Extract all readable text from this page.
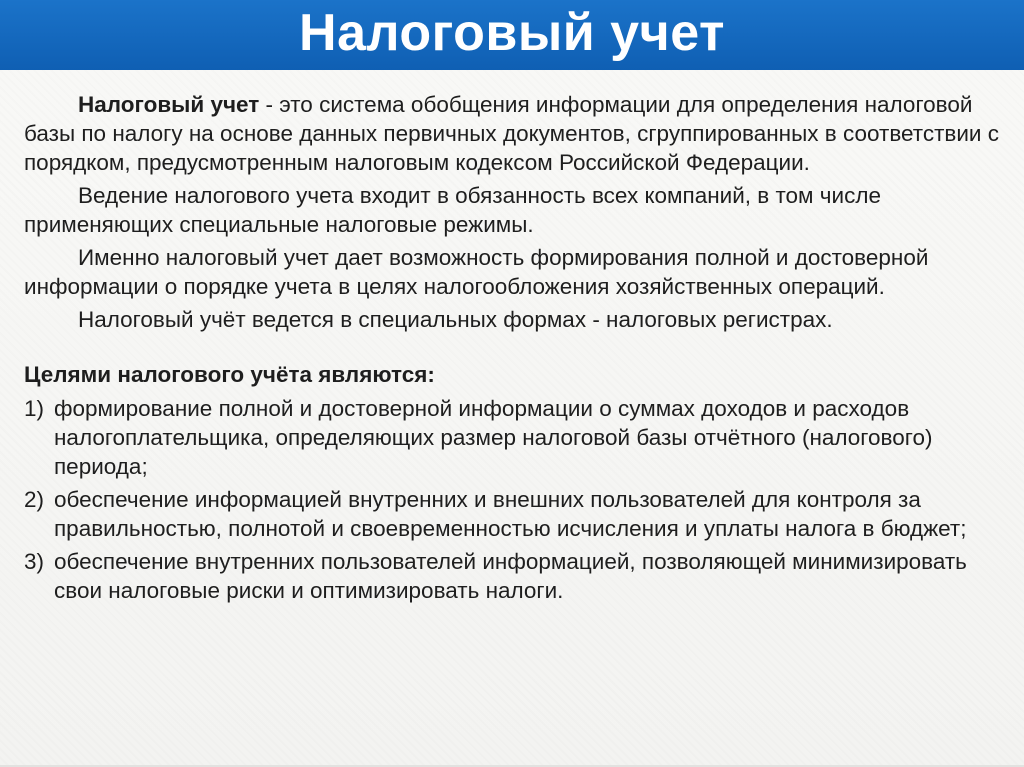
Налоговый учет

Налоговый учет - это система обобщения информации для определения налоговой базы по налогу на основе данных первичных документов, сгруппированных в соответствии с порядком, предусмотренным налоговым кодексом Российской Федерации.

Ведение налогового учета входит в обязанность всех компаний, в том числе применяющих специальные налоговые режимы.

Именно налоговый учет дает возможность формирования полной и достоверной информации о порядке учета в целях налогообложения хозяйственных операций.

Налоговый учёт ведется в специальных формах - налоговых регистрах.

Целями налогового учёта являются:
1) формирование полной и достоверной информации о суммах доходов и расходов налогоплательщика, определяющих размер налоговой базы отчётного (налогового) периода;
2) обеспечение информацией внутренних и внешних пользователей для контроля за правильностью, полнотой и своевременностью исчисления и уплаты налога в бюджет;
3) обеспечение внутренних пользователей информацией, позволяющей минимизировать свои налоговые риски и оптимизировать налоги.
